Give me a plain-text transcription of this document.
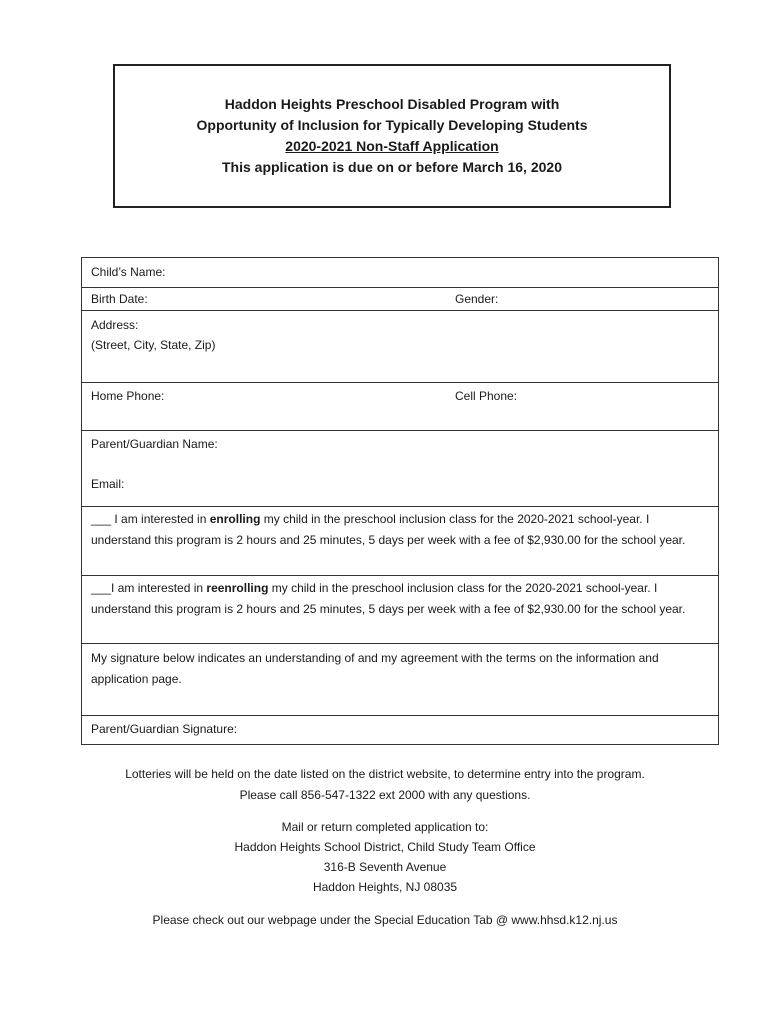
Haddon Heights Preschool Disabled Program with
Opportunity of Inclusion for Typically Developing Students
2020-2021 Non-Staff Application
This application is due on or before March 16, 2020
Child’s Name:
Birth Date:	Gender:
Address:
(Street, City, State, Zip)
Home Phone:	Cell Phone:
Parent/Guardian Name:
Email:
___ I am interested in enrolling my child in the preschool inclusion class for the 2020-2021 school-year. I understand this program is 2 hours and 25 minutes, 5 days per week with a fee of $2,930.00 for the school year.
___I am interested in reenrolling my child in the preschool inclusion class for the 2020-2021 school-year. I understand this program is 2 hours and 25 minutes, 5 days per week with a fee of $2,930.00 for the school year.
My signature below indicates an understanding of and my agreement with the terms on the information and application page.
Parent/Guardian Signature:
Lotteries will be held on the date listed on the district website, to determine entry into the program.
Please call 856-547-1322 ext 2000 with any questions.
Mail or return completed application to:
Haddon Heights School District, Child Study Team Office
316-B Seventh Avenue
Haddon Heights, NJ 08035
Please check out our webpage under the Special Education Tab @ www.hhsd.k12.nj.us
